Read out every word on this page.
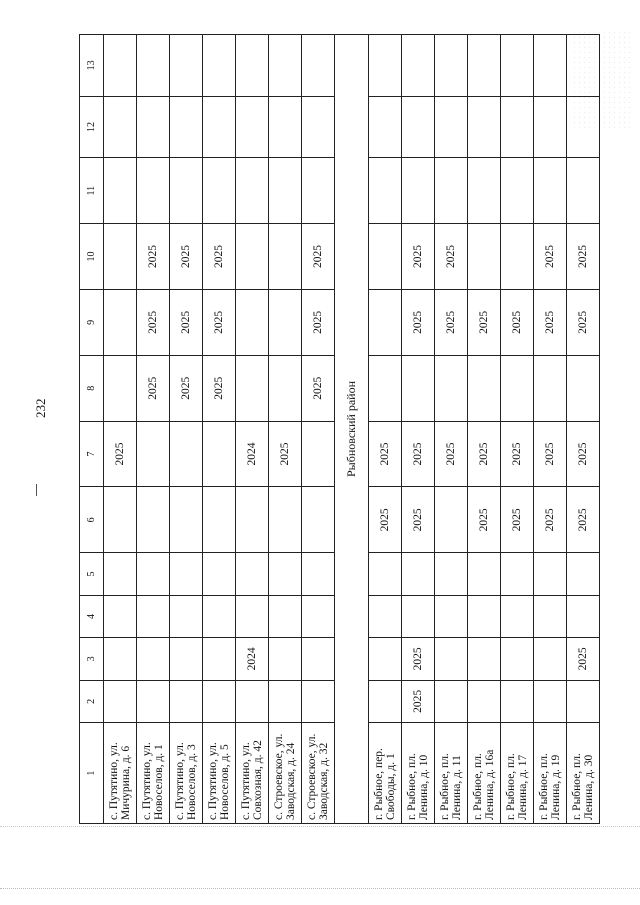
232
1	2	3	4	5	6	7	8	9	10	11	12	13
с. Путятино, ул. Мичурина, д. 6						2025						
с. Путятино, ул. Новоселов, д. 1							2025	2025	2025			
с. Путятино, ул. Новоселов, д. 3							2025	2025	2025			
с. Путятино, ул. Новоселов, д. 5							2025	2025	2025			
с. Путятино, ул. Совхозная, д. 42		2024				2024						
с. Строевское, ул. Заводская, д. 24						2025						
с. Строевское, ул. Заводская, д. 32							2025	2025	2025			
Рыбновский район												
г. Рыбное, пер. Свободы, д. 1					2025	2025						
г. Рыбное, пл. Ленина, д. 10	2025	2025			2025	2025		2025	2025			
г. Рыбное, пл. Ленина, д. 11						2025		2025	2025			
г. Рыбное, пл. Ленина, д. 16а					2025	2025		2025				
г. Рыбное, пл. Ленина, д. 17					2025	2025		2025				
г. Рыбное, пл. Ленина, д. 19					2025	2025		2025	2025			
г. Рыбное, пл. Ленина, д. 30		2025			2025	2025		2025	2025			
